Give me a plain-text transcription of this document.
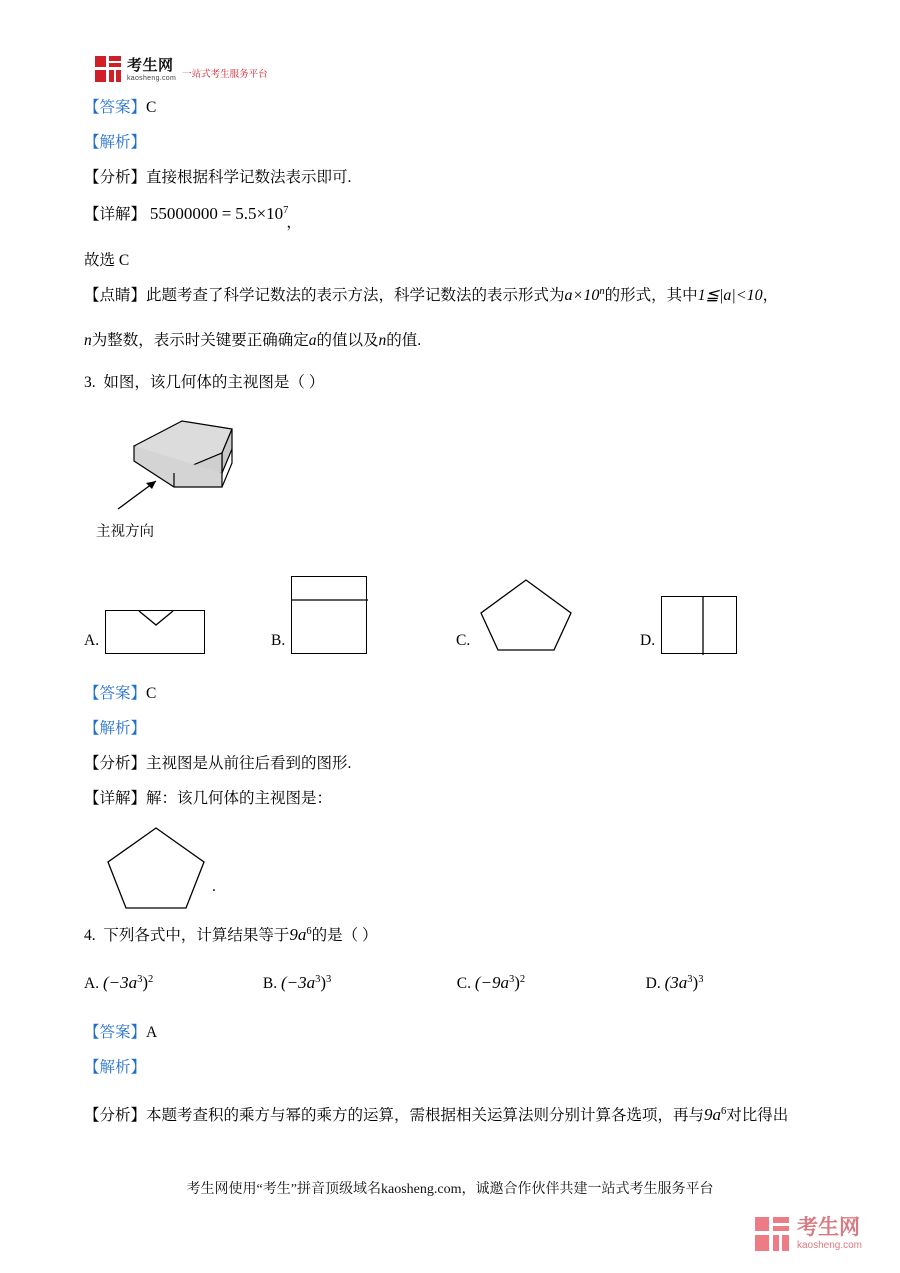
考生网
kaosheng.com 一站式考生服务平台

【答案】C

【解析】

【分析】直接根据科学记数法表示即可.

【详解】 $55000000 = 5.5\times 10^7$，

故选 C

【点睛】此题考查了科学记数法的表示方法，科学记数法的表示形式为$a\times 10^n$的形式，其中1≦|a|<10，

n为整数，表示时关键要正确确定a的值以及n的值.

3. 如图，该几何体的主视图是（ ）

主视方向

A.	B.	C.	D.

【答案】C

【解析】

【分析】主视图是从前往后看到的图形.

【详解】解：该几何体的主视图是：

.

4. 下列各式中，计算结果等于$9a^6$的是（ ）

A. $(-3a^3)^2$	B. $(-3a^3)^3$	C. $(-9a^3)^2$	D. $(3a^3)^3$

【答案】A

【解析】

【分析】本题考查积的乘方与幂的乘方的运算，需根据相关运算法则分别计算各选项，再与$9a^6$对比得出

考生网使用“考生”拼音顶级域名kaosheng.com，诚邀合作伙伴共建一站式考生服务平台
考生网
kaosheng.com
